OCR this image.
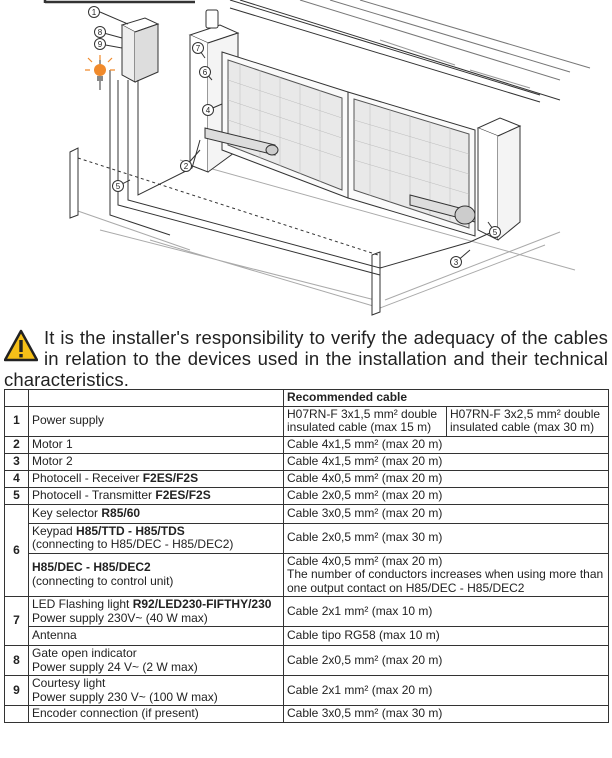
1
8
9	7
6
4
2
5
3
5
It is the installer's responsibility to verify the adequacy of the cables in relation to the devices used in the installation and their technical characteristics.
		Recommended cable	
1	Power supply	H07RN-F 3x1,5 mm² double insulated cable (max 15 m)	H07RN-F 3x2,5 mm² double insulated cable (max 30 m)
2	Motor 1	Cable 4x1,5 mm² (max 20 m)	
3	Motor 2	Cable 4x1,5 mm² (max 20 m)	
4	Photocell - Receiver F2ES/F2S	Cable 4x0,5 mm² (max 20 m)	
5	Photocell - Transmitter F2ES/F2S	Cable 2x0,5 mm² (max 20 m)	
6	Key selector R85/60	Cable 3x0,5 mm² (max 20 m)	
	Keypad H85/TTD - H85/TDS
(connecting to H85/DEC - H85/DEC2)	Cable 2x0,5 mm² (max 30 m)	
	H85/DEC - H85/DEC2
(connecting to control unit)	Cable 4x0,5 mm² (max 20 m)
The number of conductors increases when using more than one output contact on H85/DEC - H85/DEC2	

7	LED Flashing light R92/LED230-FIFTHY/230
Power supply 230V~ (40 W max)	Cable 2x1 mm² (max 10 m)	
	Antenna	Cable tipo RG58 (max 10 m)	
8	Gate open indicator
Power supply 24 V~ (2 W max)	Cable 2x0,5 mm² (max 20 m)	
9	Courtesy light
Power supply 230 V~ (100 W max)	Cable 2x1 mm² (max 20 m)	
	Encoder connection (if present)	Cable 3x0,5 mm² (max 30 m)	
